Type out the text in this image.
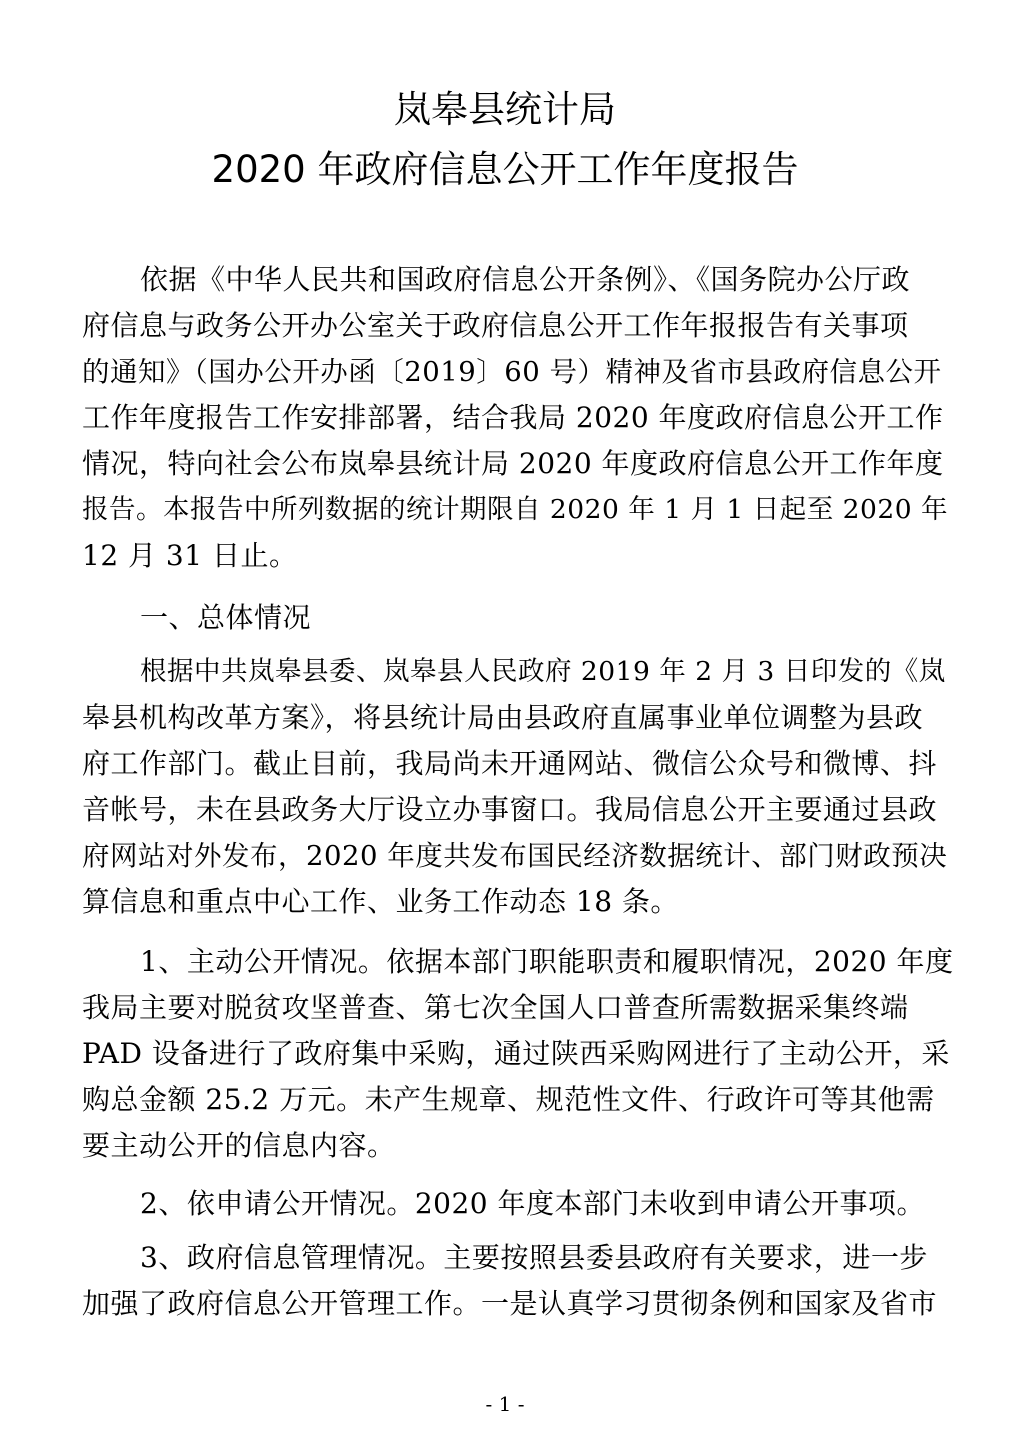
岚皋县统计局
2020 年政府信息公开工作年度报告
依据《中华人民共和国政府信息公开条例》、《国务院办公厅政
府信息与政务公开办公室关于政府信息公开工作年报报告有关事项
的通知》（国办公开办函〔2019〕60 号）精神及省市县政府信息公开
工作年度报告工作安排部署，结合我局 2020 年度政府信息公开工作
情况，特向社会公布岚皋县统计局 2020 年度政府信息公开工作年度
报告。本报告中所列数据的统计期限自 2020 年 1 月 1 日起至 2020 年
12 月 31 日止。
一、总体情况
根据中共岚皋县委、岚皋县人民政府 2019 年 2 月 3 日印发的《岚
皋县机构改革方案》，将县统计局由县政府直属事业单位调整为县政
府工作部门。截止目前，我局尚未开通网站、微信公众号和微博、抖
音帐号，未在县政务大厅设立办事窗口。我局信息公开主要通过县政
府网站对外发布，2020 年度共发布国民经济数据统计、部门财政预决
算信息和重点中心工作、业务工作动态 18 条。
1、主动公开情况。依据本部门职能职责和履职情况，2020 年度
我局主要对脱贫攻坚普查、第七次全国人口普查所需数据采集终端
PAD 设备进行了政府集中采购，通过陕西采购网进行了主动公开，采
购总金额 25.2 万元。未产生规章、规范性文件、行政许可等其他需
要主动公开的信息内容。
2、依申请公开情况。2020 年度本部门未收到申请公开事项。
3、政府信息管理情况。主要按照县委县政府有关要求，进一步
加强了政府信息公开管理工作。一是认真学习贯彻条例和国家及省市
- 1 -
